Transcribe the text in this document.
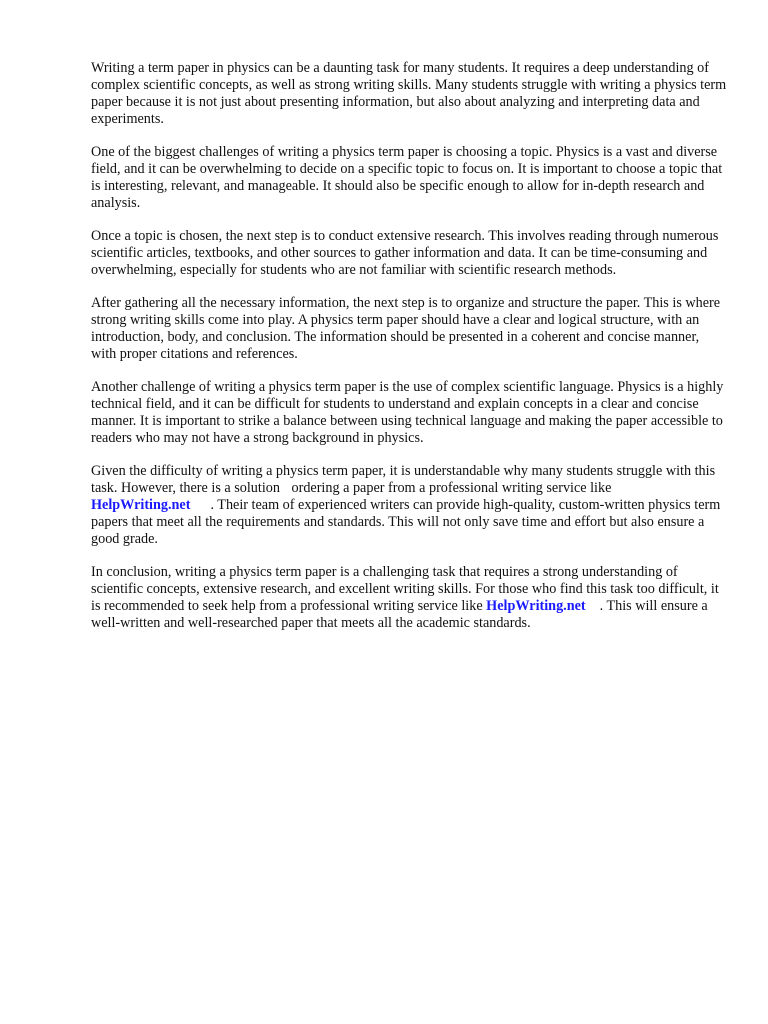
Writing a term paper in physics can be a daunting task for many students. It requires a deep understanding of complex scientific concepts, as well as strong writing skills. Many students struggle with writing a physics term paper because it is not just about presenting information, but also about analyzing and interpreting data and experiments.

One of the biggest challenges of writing a physics term paper is choosing a topic. Physics is a vast and diverse field, and it can be overwhelming to decide on a specific topic to focus on. It is important to choose a topic that is interesting, relevant, and manageable. It should also be specific enough to allow for in-depth research and analysis.

Once a topic is chosen, the next step is to conduct extensive research. This involves reading through numerous scientific articles, textbooks, and other sources to gather information and data. It can be time-consuming and overwhelming, especially for students who are not familiar with scientific research methods.

After gathering all the necessary information, the next step is to organize and structure the paper. This is where strong writing skills come into play. A physics term paper should have a clear and logical structure, with an introduction, body, and conclusion. The information should be presented in a coherent and concise manner, with proper citations and references.

Another challenge of writing a physics term paper is the use of complex scientific language. Physics is a highly technical field, and it can be difficult for students to understand and explain concepts in a clear and concise manner. It is important to strike a balance between using technical language and making the paper accessible to readers who may not have a strong background in physics.

Given the difficulty of writing a physics term paper, it is understandable why many students struggle with this task. However, there is a solution ordering a paper from a professional writing service like HelpWriting.net . Their team of experienced writers can provide high-quality, custom-written physics term papers that meet all the requirements and standards. This will not only save time and effort but also ensure a good grade.

In conclusion, writing a physics term paper is a challenging task that requires a strong understanding of scientific concepts, extensive research, and excellent writing skills. For those who find this task too difficult, it is recommended to seek help from a professional writing service like HelpWriting.net . This will ensure a well-written and well-researched paper that meets all the academic standards.
